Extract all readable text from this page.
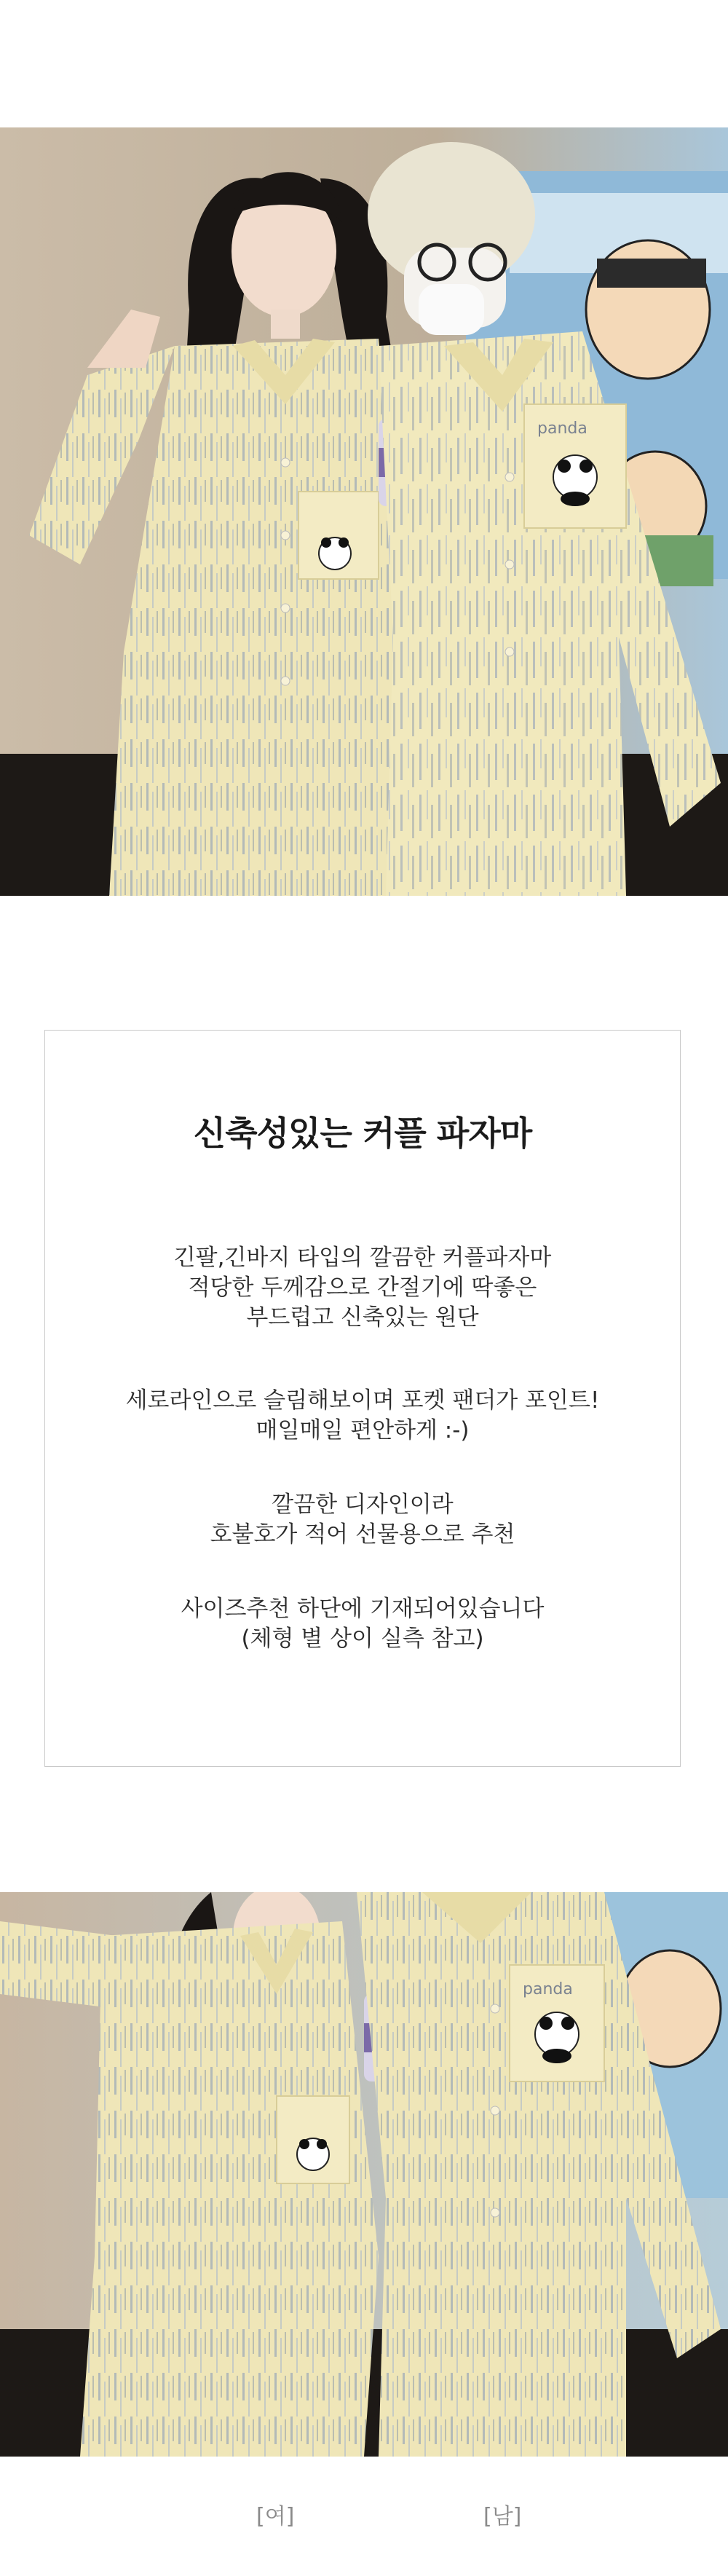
panda
신축성있는 커플 파자마
긴팔,긴바지 타입의 깔끔한 커플파자마
적당한 두께감으로 간절기에 딱좋은
부드럽고 신축있는 원단
세로라인으로 슬림해보이며 포켓 팬더가 포인트!
매일매일 편안하게 :-)
깔끔한 디자인이라
호불호가 적어 선물용으로 추천
사이즈추천 하단에 기재되어있습니다
(체형 별 상이 실측 참고)
panda
[여]	[남]
